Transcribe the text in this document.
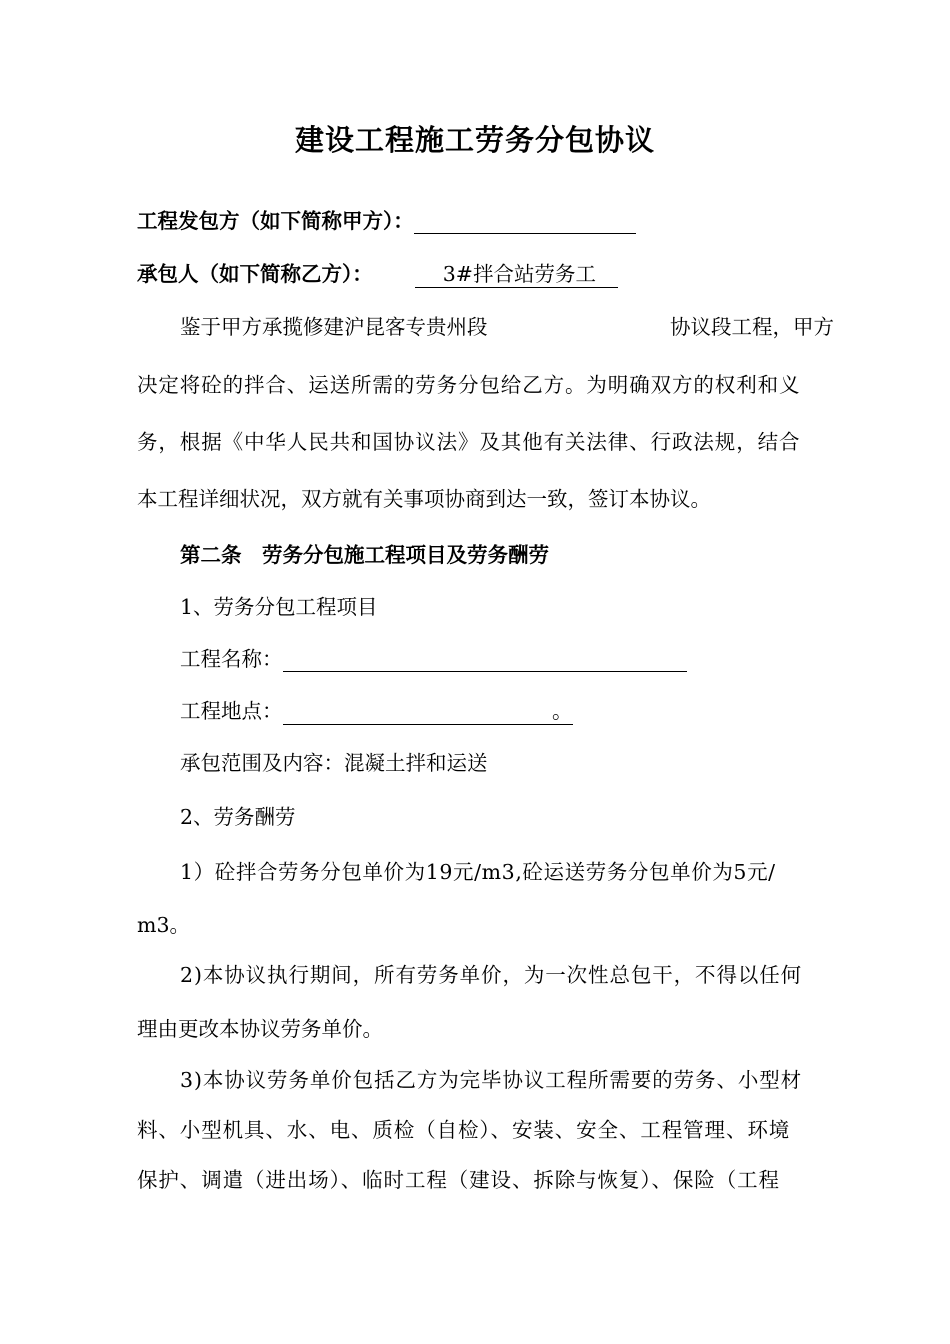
建设工程施工劳务分包协议
工程发包方（如下简称甲方）：
承包人（如下简称乙方）：	3#拌合站劳务工
鉴于甲方承揽修建沪昆客专贵州段	协议段工程，甲方
决定将砼的拌合、运送所需的劳务分包给乙方。为明确双方的权利和义
务，根据《中华人民共和国协议法》及其他有关法律、行政法规，结合
本工程详细状况，双方就有关事项协商到达一致，签订本协议。
第二条　劳务分包施工程项目及劳务酬劳
1、劳务分包工程项目
工程名称：
工程地点：	。
承包范围及内容：混凝土拌和运送
2、劳务酬劳
1）砼拌合劳务分包单价为19元/m3,砼运送劳务分包单价为5元/
m3。
2)本协议执行期间，所有劳务单价，为一次性总包干，不得以任何
理由更改本协议劳务单价。
3)本协议劳务单价包括乙方为完毕协议工程所需要的劳务、小型材
料、小型机具、水、电、质检（自检）、安装、安全、工程管理、环境
保护、调遣（进出场）、临时工程（建设、拆除与恢复）、保险（工程
